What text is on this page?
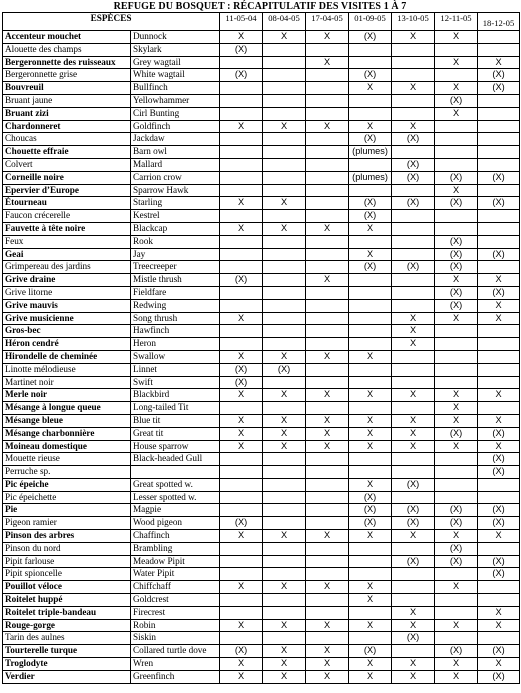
REFUGE DU BOSQUET : RÉCAPITULATIF DES VISITES 1 À 7
ESPÈCES		11-05-04	08-04-05	17-04-05	01-09-05	13-10-05	12-11-05	18-12-05
Accenteur mouchet	Dunnock	X	X	X	(X)	X	X	
Alouette des champs	Skylark	(X)						
Bergeronnette des ruisseaux	Grey wagtail			X			X	X
Bergeronnette grise	White wagtail	(X)			(X)			(X)
Bouvreuil	Bullfinch				X	X	X	(X)
Bruant jaune	Yellowhammer						(X)	
Bruant zizi	Cirl Bunting						X	
Chardonneret	Goldfinch	X	X	X	X	X		
Choucas	Jackdaw				(X)	(X)		
Chouette effraie	Barn owl				(plumes)			
Colvert	Mallard					(X)		
Corneille noire	Carrion crow				(plumes)	(X)	(X)	(X)
Epervier d’Europe	Sparrow Hawk						X	
Étourneau	Starling	X	X		(X)	(X)	(X)	(X)
Faucon crécerelle	Kestrel				(X)			
Fauvette à tête noire	Blackcap	X	X	X	X			
Feux	Rook						(X)	
Geai	Jay				X		(X)	(X)
Grimpereau des jardins	Treecreeper				(X)	(X)	(X)	
Grive draine	Mistle thrush	(X)		X			X	X
Grive litorne	Fieldfare						(X)	(X)
Grive mauvis	Redwing						(X)	X
Grive musicienne	Song thrush	X				X	X	X
Gros-bec	Hawfinch					X		
Héron cendré	Heron					X		
Hirondelle de cheminée	Swallow	X	X	X	X			
Linotte mélodieuse	Linnet	(X)	(X)					
Martinet noir	Swift	(X)						
Merle noir	Blackbird	X	X	X	X	X	X	X
Mésange à longue queue	Long-tailed Tit						X	
Mésange bleue	Blue tit	X	X	X	X	X	X	X
Mésange charbonnière	Great tit	X	X	X	X	X	(X)	(X)
Moineau domestique	House sparrow	X	X	X	X	X	X	X
Mouette rieuse	Black-headed Gull							(X)
Perruche sp.								(X)
Pic épeiche	Great spotted w.				X	(X)		
Pic épeichette	Lesser spotted w.				(X)			
Pie	Magpie				(X)	(X)	(X)	(X)
Pigeon ramier	Wood pigeon	(X)			(X)	(X)	(X)	(X)
Pinson des arbres	Chaffinch	X	X	X	X	X	X	X
Pinson du nord	Brambling						(X)	
Pipit farlouse	Meadow Pipit					(X)	(X)	(X)
Pipit spioncelle	Water Pipit							(X)
Pouillot véloce	Chiffchaff	X	X	X	X		X	
Roitelet huppé	Goldcrest				X			
Roitelet triple-bandeau	Firecrest					X		X
Rouge-gorge	Robin	X	X	X	X	X	X	X
Tarin des aulnes	Siskin					(X)		
Tourterelle turque	Collared turtle dove	(X)	X	X	(X)		(X)	(X)
Troglodyte	Wren	X	X	X	X	X	X	X
Verdier	Greenfinch	X	X	X	X	X	X	(X)
